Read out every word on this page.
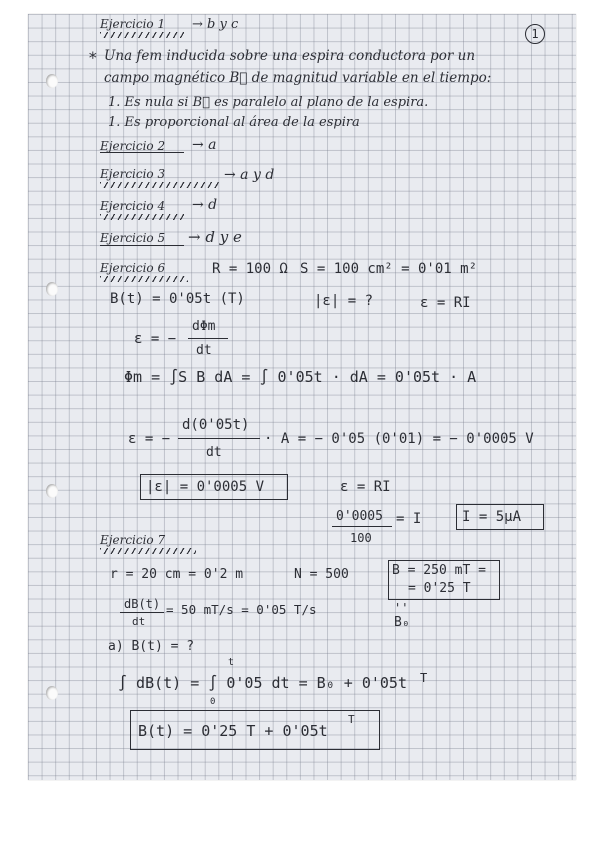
1
Ejercicio 1 → b y c
* Una fem inducida sobre una espira conductora por un
campo magnético B⃗ de magnitud variable en el tiempo:
1. Es nula si B⃗ es paralelo al plano de la espira.
1. Es proporcional al área de la espira
Ejercicio 2 → a
Ejercicio 3	→ a y d
Ejercicio 4 → d
Ejercicio 5 → d y e
Ejercicio 6	R = 100 Ω S = 100 cm² = 0'01 m²
B(t) = 0'05t (T)	|ε| = ?	ε = RI
ε = −
dΦm
dt
Φm = ∫S B dA = ∫ 0'05t · dA = 0'05t · A
ε = −
d(0'05t)
dt
· A = − 0'05 (0'01) = − 0'0005 V
|ε| = 0'0005 V	ε = RI
0'0005
100
= I	I = 5μA
Ejercicio 7
r = 20 cm = 0'2 m	N = 500	B = 250 mT =
= 0'25 T
''
B₀
dB(t)
dt
= 50 mT/s = 0'05 T/s
a) B(t) = ?
t
∫ dB(t) = ∫ 0'05 dt = B₀ + 0'05t
0
T
B(t) = 0'25 T + 0'05t
T
